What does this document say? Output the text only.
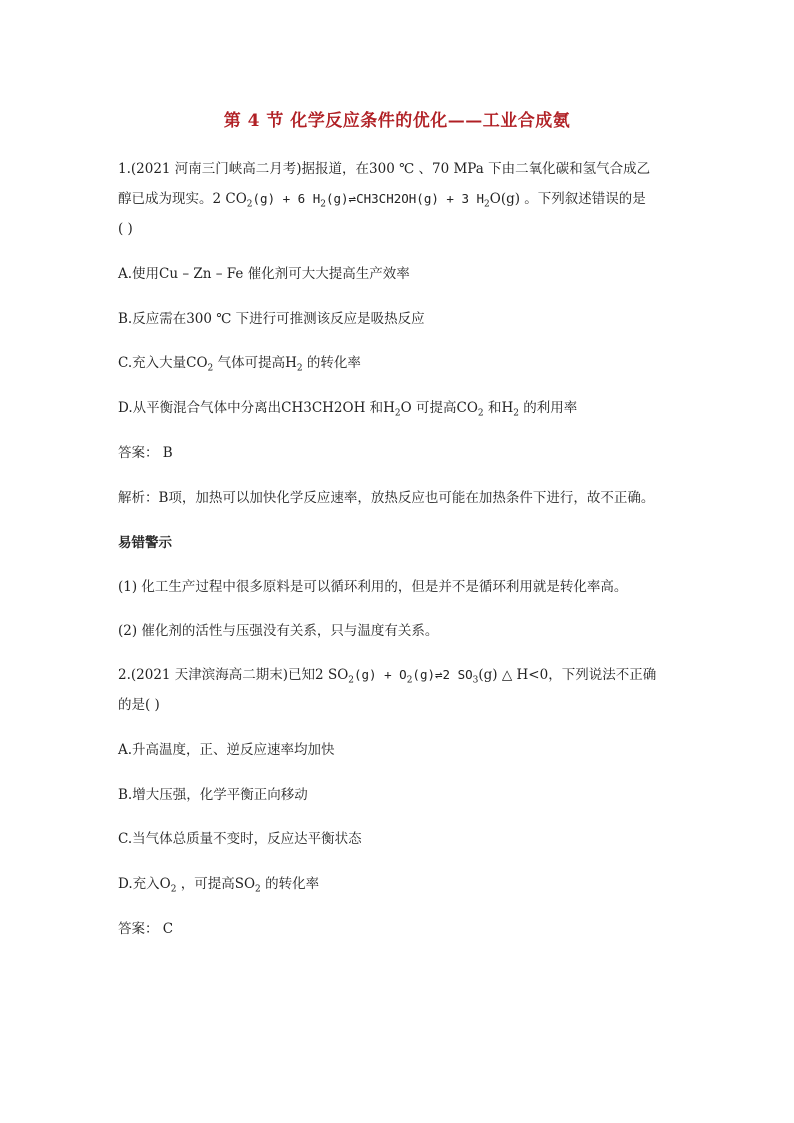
第 4 节 化学反应条件的优化——工业合成氨
1.(2021 河南三门峡高二月考)据报道，在300 ℃ 、70 MPa 下由二氧化碳和氢气合成乙
醇已成为现实。2 $CO_2(g) + 6$ $H_2(g)\rightleftharpoons CH3CH2OH(g) + 3$ $H_2O(g)$ 。下列叙述错误的是
( )
A.使用Cu – Zn – Fe 催化剂可大大提高生产效率
B.反应需在300 ℃ 下进行可推测该反应是吸热反应
C.充入大量$CO_2$ 气体可提高$H_2$ 的转化率
D.从平衡混合气体中分离出CH3CH2OH 和$H_2O$ 可提高$CO_2$ 和$H_2$ 的利用率
答案： B
解析：B项，加热可以加快化学反应速率，放热反应也可能在加热条件下进行，故不正确。
易错警示
(1) 化工生产过程中很多原料是可以循环利用的，但是并不是循环利用就是转化率高。
(2) 催化剂的活性与压强没有关系，只与温度有关系。
2.(2021 天津滨海高二期末)已知2 $SO_2(g)$ + $O_2(g)\rightleftharpoons 2$ $SO_3(g)$ △ H<0，下列说法不正确
的是( )
A.升高温度，正、逆反应速率均加快
B.增大压强，化学平衡正向移动
C.当气体总质量不变时，反应达平衡状态
D.充入$O_2$ ，可提高$SO_2$ 的转化率
答案： C
